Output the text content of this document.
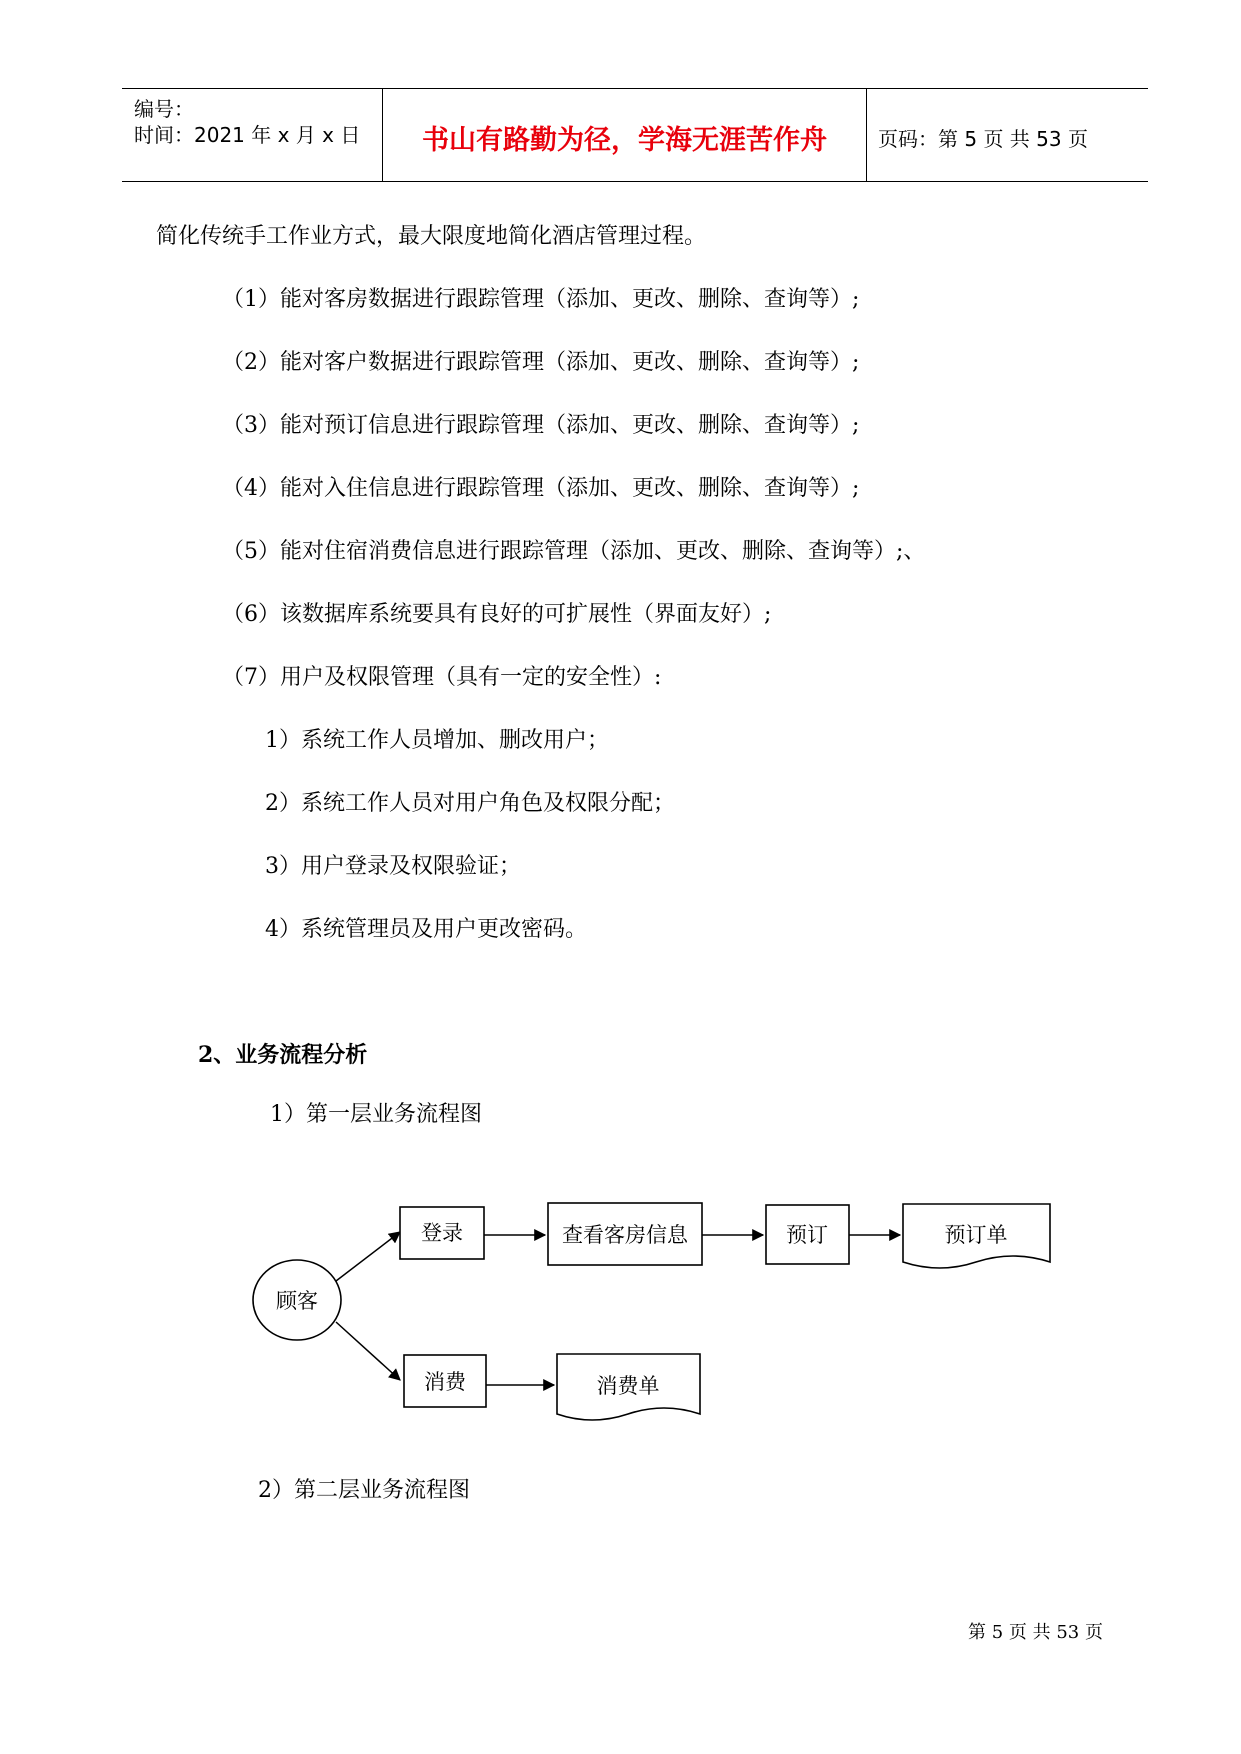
编号：
时间：2021 年 x 月 x 日 书山有路勤为径，学海无涯苦作舟	页码：第 5 页 共 53 页
简化传统手工作业方式，最大限度地简化酒店管理过程。
（1）能对客房数据进行跟踪管理（添加、更改、删除、查询等）;
（2）能对客户数据进行跟踪管理（添加、更改、删除、查询等）;
（3）能对预订信息进行跟踪管理（添加、更改、删除、查询等）;
（4）能对入住信息进行跟踪管理（添加、更改、删除、查询等）;
（5）能对住宿消费信息进行跟踪管理（添加、更改、删除、查询等）;、
（6）该数据库系统要具有良好的可扩展性（界面友好）;
（7）用户及权限管理（具有一定的安全性）:
1）系统工作人员增加、删改用户；
2）系统工作人员对用户角色及权限分配；
3）用户登录及权限验证；
4）系统管理员及用户更改密码。
2、业务流程分析
1）第一层业务流程图
顾客
登录	查看客房信息	预订	预订单
消费	消费单
2）第二层业务流程图
第 5 页 共 53 页
